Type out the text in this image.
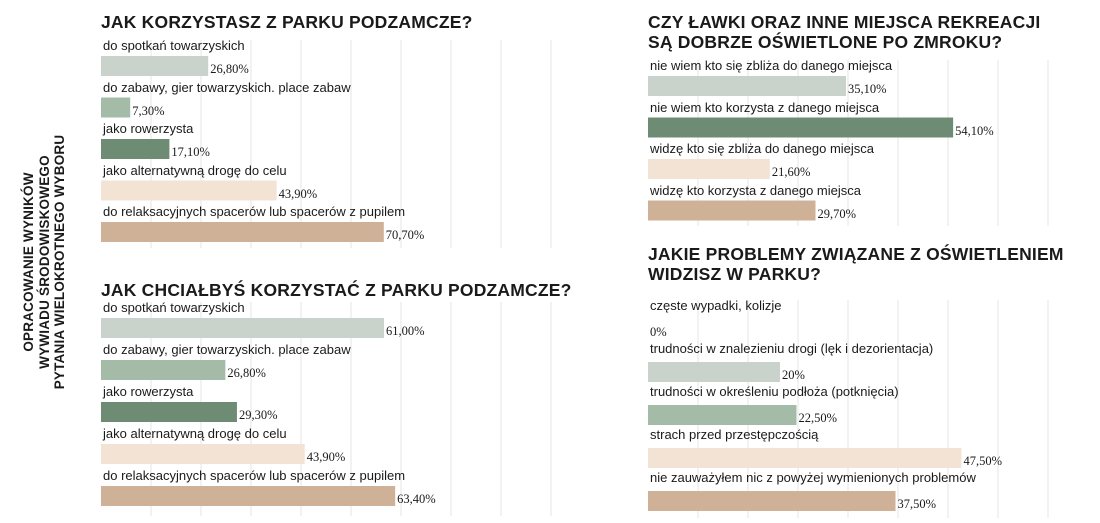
OPRACOWANIE WYNIKÓW WYWIADU ŚRODOWISKOWEGO PYTANIA WIELOKROTNEGO WYBORU
JAK KORZYSTASZ Z PARKU PODZAMCZE?
do spotkań towarzyskich
26,80%
do zabawy, gier towarzyskich. place zabaw
7,30%
jako rowerzysta
17,10%
jako alternatywną drogę do celu
43,90%
do relaksacyjnych spacerów lub spacerów z pupilem
70,70%
JAK CHCIAŁBYŚ KORZYSTAĆ Z PARKU PODZAMCZE?
do spotkań towarzyskich
61,00%
do zabawy, gier towarzyskich. place zabaw
26,80%
jako rowerzysta
29,30%
jako alternatywną drogę do celu
43,90%
do relaksacyjnych spacerów lub spacerów z pupilem
63,40%
CZY ŁAWKI ORAZ INNE MIEJSCA REKREACJI
SĄ DOBRZE OŚWIETLONE PO ZMROKU?
nie wiem kto się zbliża do danego miejsca
35,10%
nie wiem kto korzysta z danego miejsca
54,10%
widzę kto się zbliża do danego miejsca
21,60%
widzę kto korzysta z danego miejsca
29,70%
JAKIE PROBLEMY ZWIĄZANE Z OŚWIETLENIEM
WIDZISZ W PARKU?
częste wypadki, kolizje
0%
trudności w znalezieniu drogi (lęk i dezorientacja)
20%
trudności w określeniu podłoża (potknięcia)
22,50%
strach przed przestępczością
47,50%
nie zauważyłem nic z powyżej wymienionych problemów
37,50%
